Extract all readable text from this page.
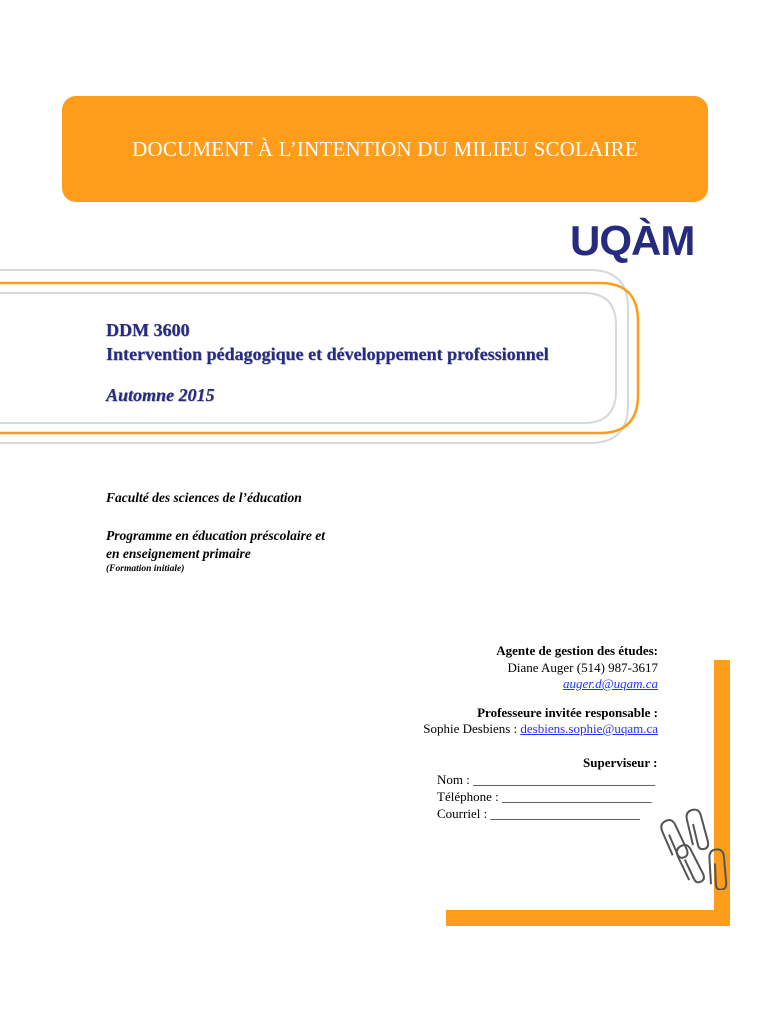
DOCUMENT À L’INTENTION DU MILIEU SCOLAIRE
UQÀM
DDM 3600
Intervention pédagogique et développement professionnel
Automne 2015
Faculté des sciences de l’éducation
Programme en éducation préscolaire et
en enseignement primaire
(Formation initiale)
Agente de gestion des études:
Diane Auger (514) 987-3617
auger.d@uqam.ca
Professeure invitée responsable :
Sophie Desbiens : desbiens.sophie@uqam.ca
Superviseur :
Nom : ____________________________
Téléphone : _______________________
Courriel : _______________________
